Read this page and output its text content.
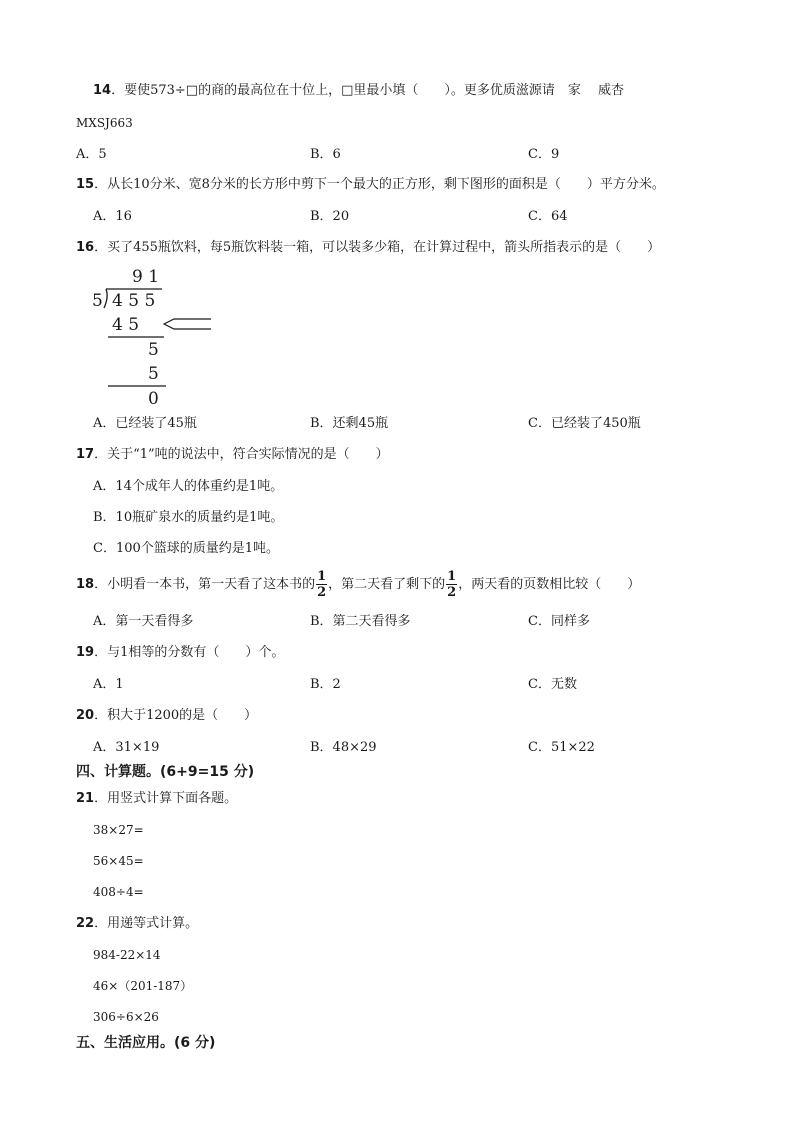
14．要使573÷□的商的最高位在十位上，□里最小填（　　）。更多优质滋源请　家　 威杏
MXSJ663
A．5	B．6	C．9
15．从长10分米、宽8分米的长方形中剪下一个最大的正方形，剩下图形的面积是（　　）平方分米。
A．16	B．20	C．64
16．买了455瓶饮料，每5瓶饮料装一箱，可以装多少箱，在计算过程中，箭头所指表示的是（　　）
9 1
5 4 5 5
4 5
5
5
0
A．已经装了45瓶	B．还剩45瓶	C．已经装了450瓶
17．关于“1”吨的说法中，符合实际情况的是（　　）
A．14个成年人的体重约是1吨。
B．10瓶矿泉水的质量约是1吨。
C．100个篮球的质量约是1吨。
18．小明看一本书，第一天看了这本书的 $\frac{1}{2}$ ，第二天看了剩下的 $\frac{1}{2}$ ，两天看的页数相比较（　　）
A．第一天看得多	B．第二天看得多	C．同样多
19．与1相等的分数有（　　）个。
A．1	B．2	C．无数
20．积大于1200的是（　　）
A．31×19	B．48×29	C．51×22
四、计算题。(6+9=15 分)
21．用竖式计算下面各题。
38×27=
56×45=
408÷4=
22．用递等式计算。
984-22×14
46×（201-187）
306÷6×26
五、生活应用。(6 分)
